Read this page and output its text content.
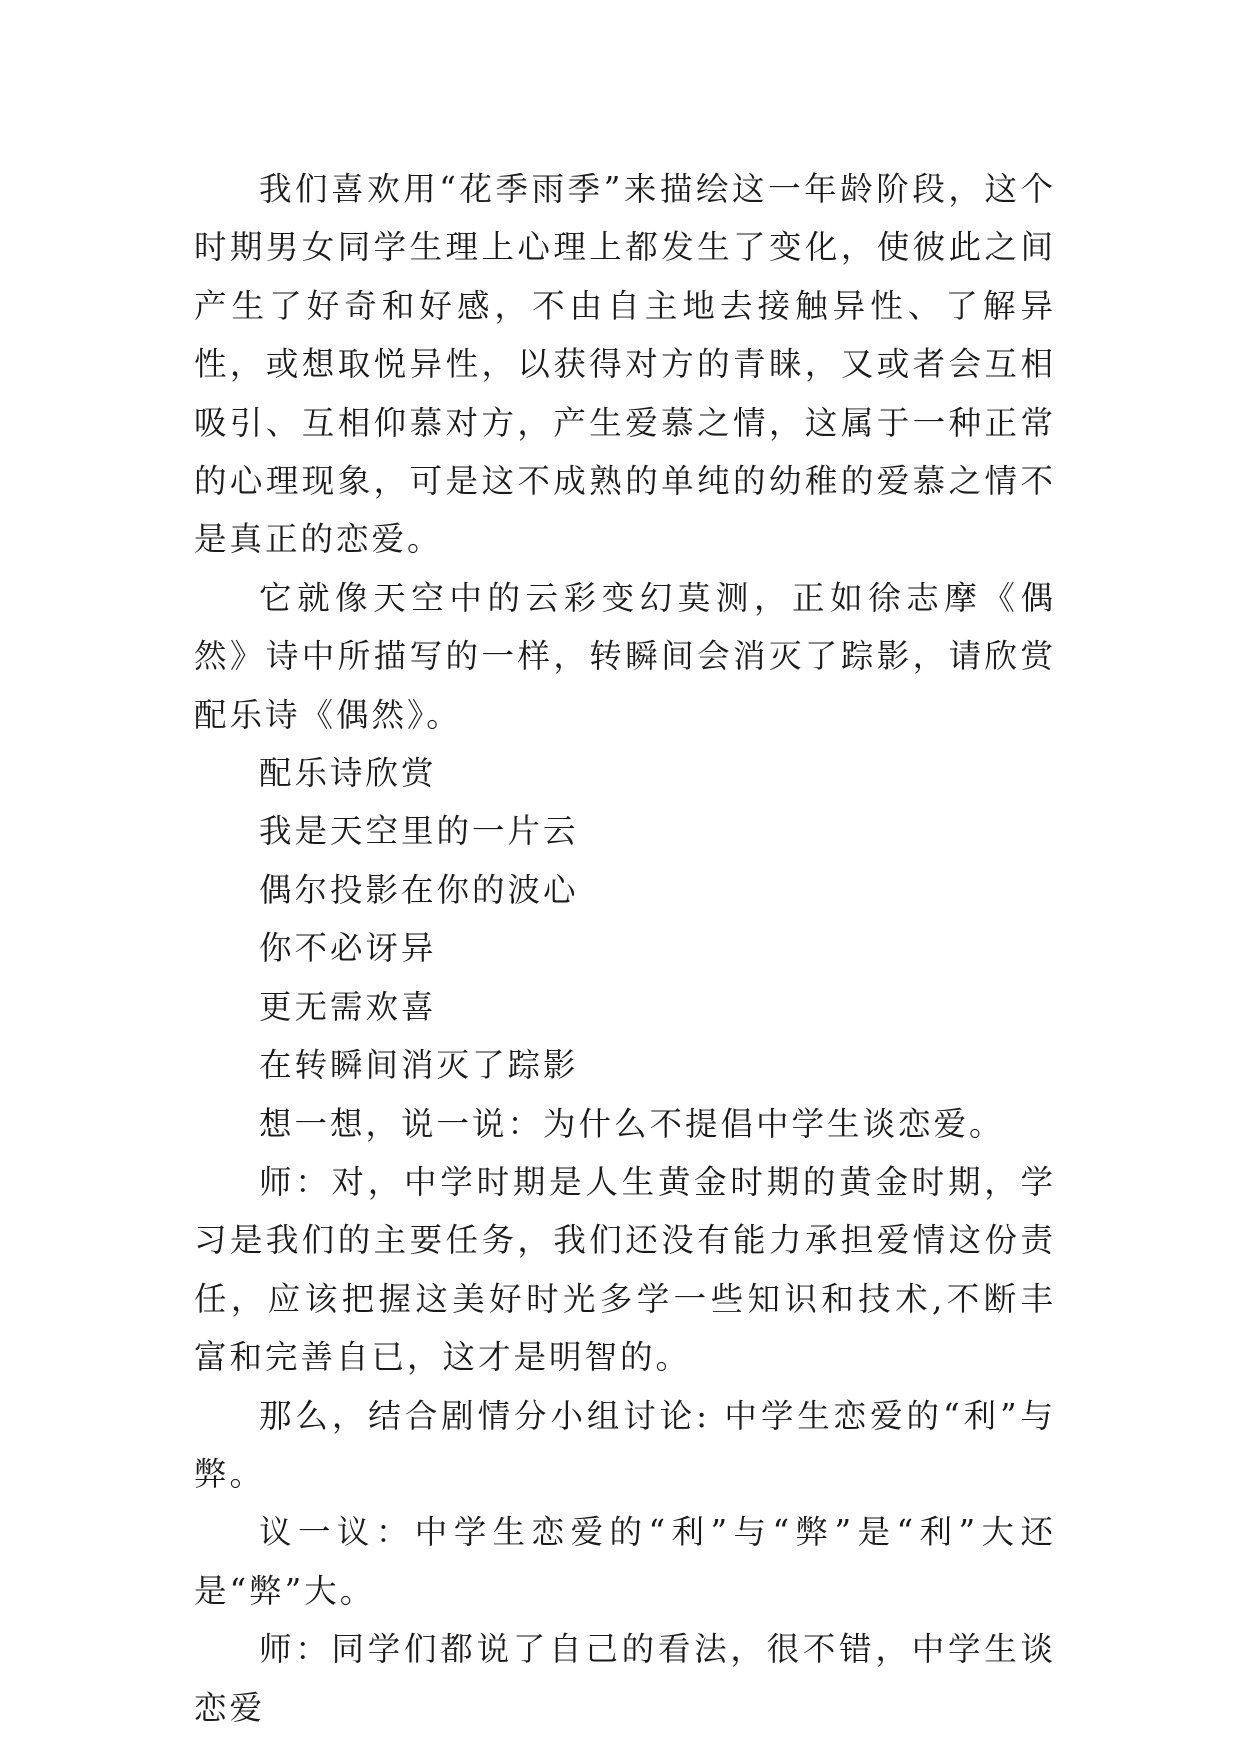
我们喜欢用“花季雨季”来描绘这一年龄阶段，这个时期男女同学生理上心理上都发生了变化，使彼此之间产生了好奇和好感，不由自主地去接触异性、了解异性，或想取悦异性，以获得对方的青睐，又或者会互相吸引、互相仰慕对方，产生爱慕之情，这属于一种正常的心理现象，可是这不成熟的单纯的幼稚的爱慕之情不是真正的恋爱。

它就像天空中的云彩变幻莫测，正如徐志摩《偶然》诗中所描写的一样，转瞬间会消灭了踪影，请欣赏配乐诗《偶然》。

配乐诗欣赏

我是天空里的一片云

偶尔投影在你的波心

你不必讶异

更无需欢喜

在转瞬间消灭了踪影

想一想，说一说：为什么不提倡中学生谈恋爱。

师：对，中学时期是人生黄金时期的黄金时期，学习是我们的主要任务，我们还没有能力承担爱情这份责任，应该把握这美好时光多学一些知识和技术,不断丰富和完善自已，这才是明智的。

那么，结合剧情分小组讨论: 中学生恋爱的“利”与弊。

议一议：中学生恋爱的“利”与“弊”是“利”大还是“弊”大。

师：同学们都说了自己的看法，很不错，中学生谈恋爱
